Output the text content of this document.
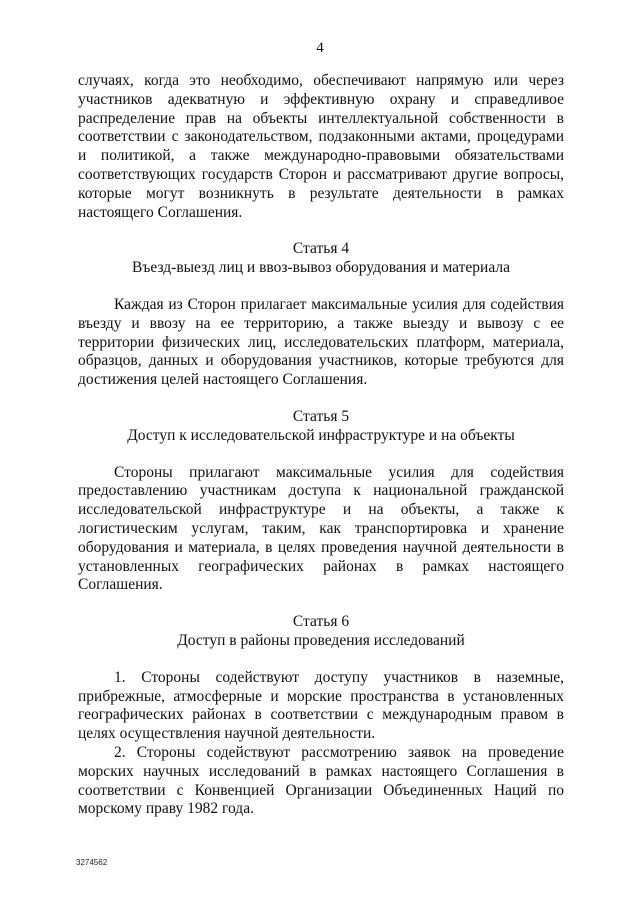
4

случаях, когда это необходимо, обеспечивают напрямую или через участников адекватную и эффективную охрану и справедливое распределение прав на объекты интеллектуальной собственности в соответствии с законодательством, подзаконными актами, процедурами и политикой, а также международно-правовыми обязательствами соответствующих государств Сторон и рассматривают другие вопросы, которые могут возникнуть в результате деятельности в рамках настоящего Соглашения.

Статья 4

Въезд-выезд лиц и ввоз-вывоз оборудования и материала

Каждая из Сторон прилагает максимальные усилия для содействия въезду и ввозу на ее территорию, а также выезду и вывозу с ее территории физических лиц, исследовательских платформ, материала, образцов, данных и оборудования участников, которые требуются для достижения целей настоящего Соглашения.

Статья 5

Доступ к исследовательской инфраструктуре и на объекты

Стороны прилагают максимальные усилия для содействия предоставлению участникам доступа к национальной гражданской исследовательской инфраструктуре и на объекты, а также к логистическим услугам, таким, как транспортировка и хранение оборудования и материала, в целях проведения научной деятельности в установленных географических районах в рамках настоящего Соглашения.

Статья 6

Доступ в районы проведения исследований

1. Стороны содействуют доступу участников в наземные, прибрежные, атмосферные и морские пространства в установленных географических районах в соответствии с международным правом в целях осуществления научной деятельности.

2. Стороны содействуют рассмотрению заявок на проведение морских научных исследований в рамках настоящего Соглашения в соответствии с Конвенцией Организации Объединенных Наций по морскому праву 1982 года.

3274562
